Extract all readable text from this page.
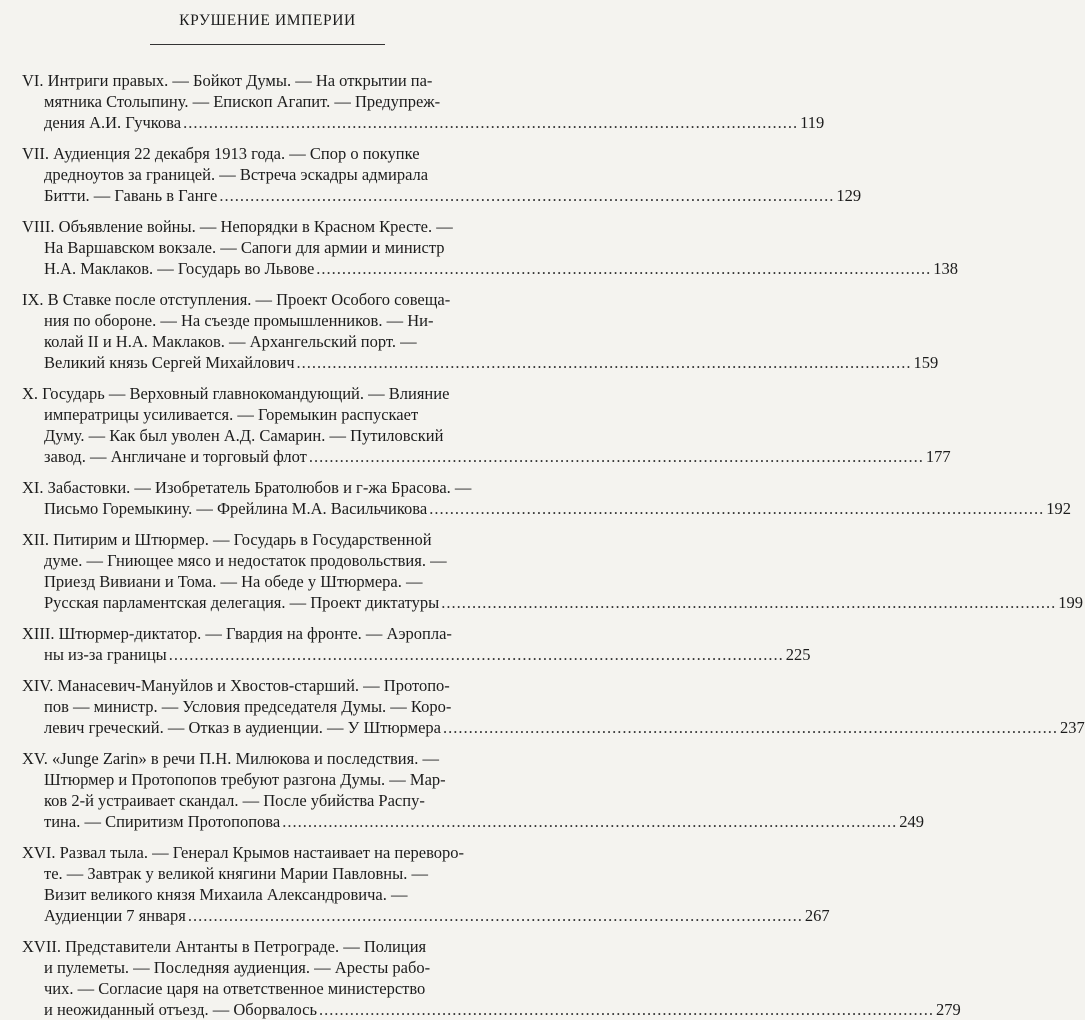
КРУШЕНИЕ ИМПЕРИИ
VI. Интриги правых. — Бойкот Думы. — На открытии па-
мятника Столыпину. — Епископ Агапит. — Предупреж-
дения А.И. Гучкова ........................................................................................................................ 119
VII. Аудиенция 22 декабря 1913 года. — Спор о покупке
дредноутов за границей. — Встреча эскадры адмирала
Битти. — Гавань в Ганге ........................................................................................................................ 129
VIII. Объявление войны. — Непорядки в Красном Кресте. —
На Варшавском вокзале. — Сапоги для армии и министр
Н.А. Маклаков. — Государь во Львове ........................................................................................................................ 138
IX. В Ставке после отступления. — Проект Особого совеща-
ния по обороне. — На съезде промышленников. — Ни-
колай II и Н.А. Маклаков. — Архангельский порт. —
Великий князь Сергей Михайлович ........................................................................................................................ 159
X. Государь — Верховный главнокомандующий. — Влияние
императрицы усиливается. — Горемыкин распускает
Думу. — Как был уволен А.Д. Самарин. — Путиловский
завод. — Англичане и торговый флот ........................................................................................................................ 177
XI. Забастовки. — Изобретатель Братолюбов и г-жа Брасова. —
Письмо Горемыкину. — Фрейлина М.А. Васильчикова ........................................................................................................................ 192
XII. Питирим и Штюрмер. — Государь в Государственной
думе. — Гниющее мясо и недостаток продовольствия. —
Приезд Вивиани и Тома. — На обеде у Штюрмера. —
Русская парламентская делегация. — Проект диктатуры ........................................................................................................................ 199
XIII. Штюрмер-диктатор. — Гвардия на фронте. — Аэропла-
ны из-за границы ........................................................................................................................ 225
XIV. Манасевич-Мануйлов и Хвостов-старший. — Протопо-
пов — министр. — Условия председателя Думы. — Коро-
левич греческий. — Отказ в аудиенции. — У Штюрмера ........................................................................................................................ 237
XV. «Junge Zarin» в речи П.Н. Милюкова и последствия. —
Штюрмер и Протопопов требуют разгона Думы. — Мар-
ков 2-й устраивает скандал. — После убийства Распу-
тина. — Спиритизм Протопопова ........................................................................................................................ 249
XVI. Развал тыла. — Генерал Крымов настаивает на переворо-
те. — Завтрак у великой княгини Марии Павловны. —
Визит великого князя Михаила Александровича. —
Аудиенции 7 января ........................................................................................................................ 267
XVII. Представители Антанты в Петрограде. — Полиция
и пулеметы. — Последняя аудиенция. — Аресты рабо-
чих. — Согласие царя на ответственное министерство
и неожиданный отъезд. — Оборвалось ........................................................................................................................ 279
